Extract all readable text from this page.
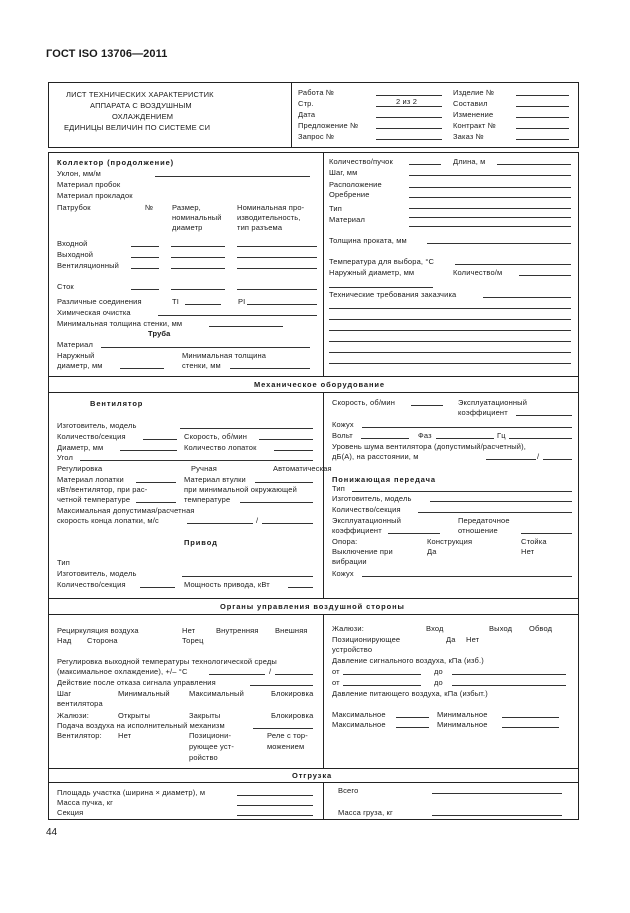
ГОСТ ISO 13706—2011
ЛИСТ ТЕХНИЧЕСКИХ ХАРАКТЕРИСТИК
АППАРАТА С ВОЗДУШНЫМ
ОХЛАЖДЕНИЕМ
ЕДИНИЦЫ ВЕЛИЧИН ПО СИСТЕМЕ СИ
Работа №
Стр.	2 из 2
Дата
Предложение №
Запрос №
Изделие №
Составил
Изменение
Контракт №
Заказ №
Коллектор (продолжение)
Уклон, мм/м
Материал пробок
Материал прокладок
Патрубок	№	Размер,
номинальный
диаметр
Номинальная про-
изводительность,
тип разъема
Входной
Выходной
Вентиляционный
Сток
Различные соединения	TI	PI
Химическая очистка
Минимальная толщина стенки, мм
Труба
Материал
Наружный
диаметр, мм
Минимальная толщина
стенки, мм
Количество/пучок	Длина, м
Шаг, мм
Расположение
Оребрение
Тип
Материал
Толщина проката, мм
Температура для выбора, °С
Наружный диаметр, мм	Количество/м
Технические требования заказчика
Механическое оборудование
Вентилятор
Изготовитель, модель
Количество/секция	Скорость, об/мин
Диаметр, мм	Количество лопаток
Угол
Регулировка	Ручная	Автоматическая
Материал лопатки	Материал втулки
кВт/вентилятор, при рас-
четной температуре
при минимальной окружающей
температуре
Максимальная допустимая/расчетная
скорость конца лопатки, м/с	/
Привод
Тип
Изготовитель, модель
Количество/секция	Мощность привода, кВт
Скорость, об/мин	Эксплуатационный
коэффициент
Кожух
Вольт	Фаз	Гц
Уровень шума вентилятора (допустимый/расчетный),
дБ(А), на расстоянии, м	/
Понижающая передача
Тип
Изготовитель, модель
Количество/секция
Эксплуатационный
коэффициент
Передаточное
отношение
Опора:	Конструкция	Стойка
Выключение при
вибрации
Да	Нет
Кожух
Органы управления воздушной стороны
Рециркуляция воздуха	Нет	Внутренняя Внешняя
Над Сторона	Торец
Регулировка выходной температуры технологической среды
(максимальное охлаждение), +/– °С	/
Действие после отказа сигнала управления
Шаг	Минимальный	Максимальный	Блокировка
вентилятора
Жалюзи:	Открыты	Закрыты	Блокировка
Подача воздуха на исполнительный механизм
Вентилятор: Нет	Позициони-
рующее уст-
ройство
Реле с тор-
можением
Жалюзи:	Вход	Выход Обвод
Позиционирующее
устройство
Да Нет
Давление сигнального воздуха, кПа (изб.)
от	до
от	до
Давление питающего воздуха, кПа (избыт.)
Максимальное	Минимальное
Максимальное	Минимальное
Отгрузка
Площадь участка (ширина × диаметр), м
Масса пучка, кг
Секция
Всего
Масса груза, кг
44
